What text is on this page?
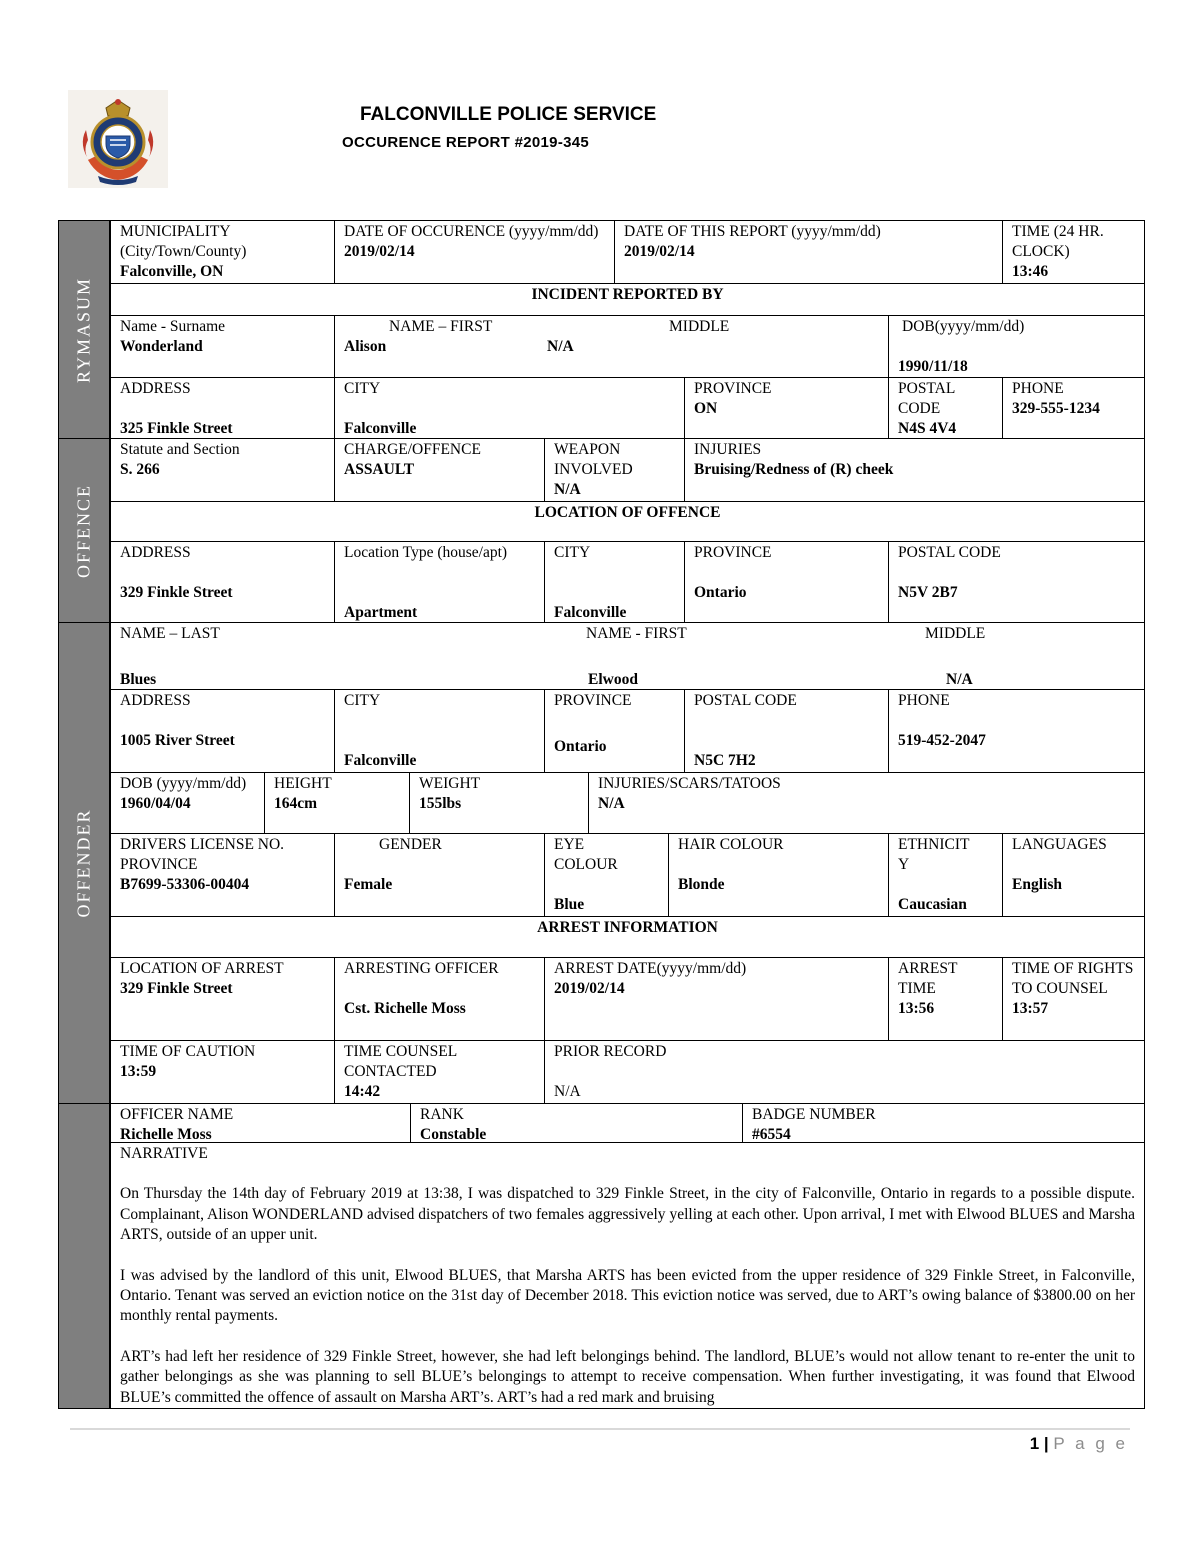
FALCONVILLE POLICE SERVICE
OCCURENCE REPORT #2019-345
RYMASUM
OFFENCE
OFFENDER
MUNICIPALITY (City/Town/County)
Falconville, ON
DATE OF OCCURENCE (yyyy/mm/dd)
2019/02/14
DATE OF THIS REPORT (yyyy/mm/dd)
2019/02/14
TIME (24 HR. CLOCK)
13:46
INCIDENT REPORTED BY
Name - Surname
Wonderland
NAME – FIRST	MIDDLE
Alison	N/A
DOB(yyyy/mm/dd)
1990/11/18
ADDRESS
325 Finkle Street
CITY
Falconville
PROVINCE
ON
POSTAL CODE
N4S 4V4
PHONE
329-555-1234
Statute and Section
S. 266
CHARGE/OFFENCE
ASSAULT
WEAPON INVOLVED
N/A
INJURIES
Bruising/Redness of (R) cheek
LOCATION OF OFFENCE
ADDRESS
329 Finkle Street
Location Type (house/apt)
Apartment
CITY
Falconville
PROVINCE
Ontario
POSTAL CODE
N5V 2B7
NAME – LAST	NAME - FIRST	MIDDLE
Blues	Elwood	N/A
ADDRESS
1005 River Street
CITY
Falconville
PROVINCE
Ontario
POSTAL CODE
N5C 7H2
PHONE
519-452-2047
DOB (yyyy/mm/dd)
1960/04/04
HEIGHT
164cm
WEIGHT
155lbs
INJURIES/SCARS/TATOOS
N/A
DRIVERS LICENSE NO. PROVINCE
B7699-53306-00404
GENDER
Female
EYE COLOUR
Blue
HAIR COLOUR
Blonde
ETHNICIT Y
Caucasian
LANGUAGES
English
ARREST INFORMATION
LOCATION OF ARREST
329 Finkle Street
ARRESTING OFFICER
Cst. Richelle Moss
ARREST DATE(yyyy/mm/dd)
2019/02/14
ARREST TIME
13:56
TIME OF RIGHTS TO COUNSEL
13:57
TIME OF CAUTION
13:59
TIME COUNSEL CONTACTED
14:42
PRIOR RECORD
N/A
OFFICER NAME
Richelle Moss
RANK
Constable
BADGE NUMBER
#6554
NARRATIVE

On Thursday the 14th day of February 2019 at 13:38, I was dispatched to 329 Finkle Street, in the city of Falconville, Ontario in regards to a possible dispute. Complainant, Alison WONDERLAND advised dispatchers of two females aggressively yelling at each other. Upon arrival, I met with Elwood BLUES and Marsha ARTS, outside of an upper unit.

I was advised by the landlord of this unit, Elwood BLUES, that Marsha ARTS has been evicted from the upper residence of 329 Finkle Street, in Falconville, Ontario. Tenant was served an eviction notice on the 31st day of December 2018. This eviction notice was served, due to ART’s owing balance of $3800.00 on her monthly rental payments.

ART’s had left her residence of 329 Finkle Street, however, she had left belongings behind. The landlord, BLUE’s would not allow tenant to re-enter the unit to gather belongings as she was planning to sell BLUE’s belongings to attempt to receive compensation. When further investigating, it was found that Elwood BLUE’s committed the offence of assault on Marsha ART’s. ART’s had a red mark and bruising

1 | P a g e
